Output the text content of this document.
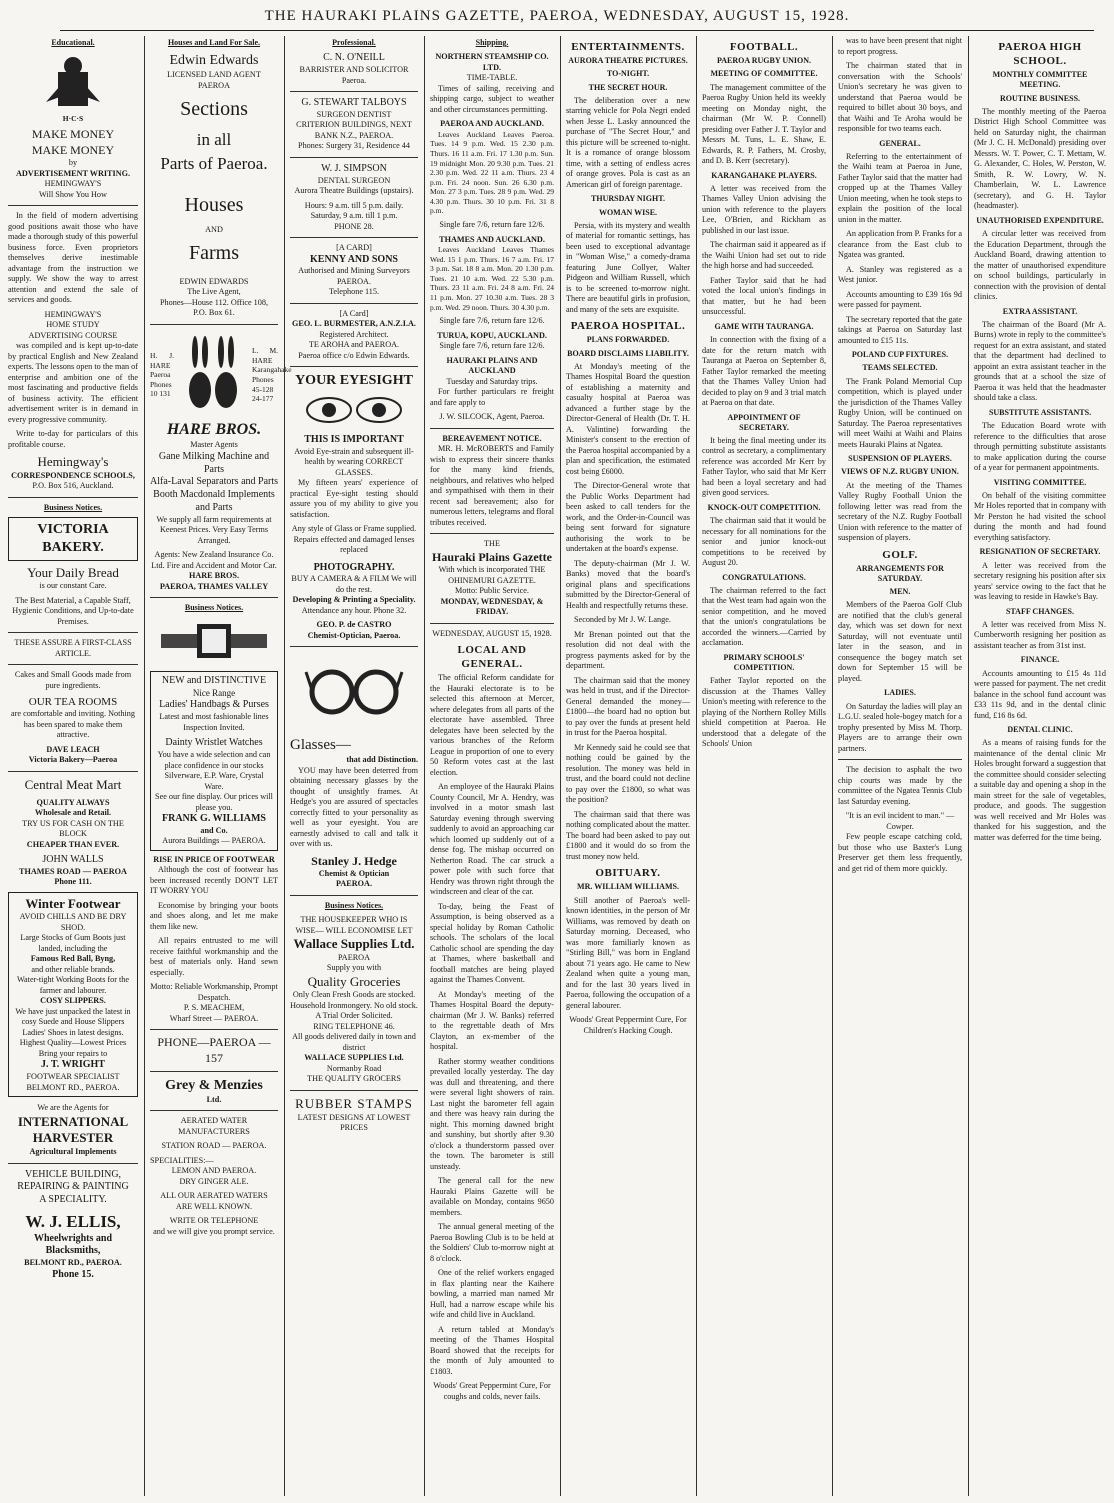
THE HAURAKI PLAINS GAZETTE, PAEROA, WEDNESDAY, AUGUST 15, 1928.
Educational.
H·C·S
MAKE MONEY
MAKE MONEY
by
ADVERTISEMENT WRITING.
HEMINGWAY'S
Will Show You How

In the field of modern advertising good positions await those who have made a thorough study of this powerful business force. Even proprietors themselves derive inestimable advantage from the instruction we supply. We show the way to arrest attention and extend the sale of services and goods.

HEMINGWAY'S
HOME STUDY
ADVERTISING COURSE

was compiled and is kept up-to-date by practical English and New Zealand experts. The lessons open to the man of enterprise and ambition one of the most fascinating and productive fields of business activity. The efficient advertisement writer is in demand in every progressive community.

Write to-day for particulars of this profitable course.

Hemingway's
CORRESPONDENCE SCHOOLS,
P.O. Box 516, Auckland.
Business Notices.
VICTORIA BAKERY.
Your Daily Bread
is our constant Care.
The Best Material, a Capable Staff, Hygienic Conditions, and Up-to-date Premises.
THESE ASSURE A FIRST-CLASS ARTICLE.
Cakes and Small Goods made from pure ingredients.
OUR TEA ROOMS
are comfortable and inviting. Nothing has been spared to make them attractive.
DAVE LEACH
Victoria Bakery—Paeroa
Central Meat Mart
QUALITY ALWAYS
Wholesale and Retail.
TRY US FOR CASH ON THE BLOCK
CHEAPER THAN EVER.
JOHN WALLS
THAMES ROAD — PAEROA
Phone 111.
Winter Footwear
AVOID CHILLS AND BE DRY SHOD.
Large Stocks of Gum Boots just landed, including the
Famous Red Ball, Byng,
and other reliable brands.
Water-tight Working Boots for the farmer and labourer.
COSY SLIPPERS.
We have just unpacked the latest in cosy Suede and House Slippers Ladies' Shoes in latest designs. Highest Quality—Lowest Prices
Bring your repairs to
J. T. WRIGHT
FOOTWEAR SPECIALIST
BELMONT RD., PAEROA.
We are the Agents for
INTERNATIONAL
HARVESTER
Agricultural Implements
VEHICLE BUILDING,
REPAIRING & PAINTING
A SPECIALITY.
W. J. ELLIS,
Wheelwrights and
Blacksmiths,
BELMONT RD., PAEROA.
Phone 15.
Houses and Land For Sale.
Edwin Edwards
LICENSED LAND AGENT
PAEROA
Sections
in all
Parts of Paeroa.
Houses
AND
Farms
EDWIN EDWARDS
The Live Agent,
Phones—House 112. Office 108,
P.O. Box 61.
H. J. HARE Paeroa Phones 10 131
L. M. HARE Karangahake Phones 45-128 24-177
HARE BROS.
Master Agents
Gane Milking Machine and Parts
Alfa-Laval Separators and Parts
Booth Macdonald Implements and Parts
We supply all farm requirements at Keenest Prices. Very Easy Terms Arranged.
Agents: New Zealand Insurance Co. Ltd. Fire and Accident and Motor Car.
HARE BROS.
PAEROA, THAMES VALLEY
Business Notices.
NEW and DISTINCTIVE
Nice Range
Ladies' Handbags & Purses
Latest and most fashionable lines Inspection Invited.
Dainty Wristlet Watches
You have a wide selection and can place confidence in our stocks
Silverware, E.P. Ware, Crystal Ware.
See our fine display. Our prices will please you.
FRANK G. WILLIAMS
and Co.
Aurora Buildings — PAEROA.
RISE IN PRICE OF FOOTWEAR

Although the cost of footwear has been increased recently DON'T LET IT WORRY YOU

Economise by bringing your boots and shoes along, and let me make them like new.

All repairs entrusted to me will receive faithful workmanship and the best of materials only. Hand sewn especially.

Motto: Reliable Workmanship, Prompt Despatch.
P. S. MEACHEM,
Wharf Street — PAEROA.
PHONE—PAEROA —157
Grey & Menzies
Ltd.
AERATED WATER
MANUFACTURERS
STATION ROAD — PAEROA.
SPECIALITIES:—
LEMON AND PAEROA.
DRY GINGER ALE.
ALL OUR AERATED WATERS
ARE WELL KNOWN.
WRITE OR TELEPHONE
and we will give you prompt service.
Professional.
C. N. O'NEILL
BARRISTER AND SOLICITOR
Paeroa.
G. STEWART TALBOYS
SURGEON DENTIST
CRITERION BUILDINGS, NEXT BANK N.Z., PAEROA.
Phones: Surgery 31, Residence 44
W. J. SIMPSON
DENTAL SURGEON
Aurora Theatre Buildings (upstairs).
Hours: 9 a.m. till 5 p.m. daily. Saturday, 9 a.m. till 1 p.m.
PHONE 28.
[A CARD]
KENNY AND SONS
Authorised and Mining Surveyors PAEROA.
Telephone 115.
[A Card]
GEO. L. BURMESTER, A.N.Z.I.A.
Registered Architect.
TE AROHA and PAEROA.
Paeroa office c/o Edwin Edwards.
YOUR EYESIGHT
THIS IS IMPORTANT
Avoid Eye-strain and subsequent ill-health by wearing CORRECT GLASSES.

My fifteen years' experience of practical Eye-sight testing should assure you of my ability to give you satisfaction.

Any style of Glass or Frame supplied.
Repairs effected and damaged lenses replaced
PHOTOGRAPHY.
BUY A CAMERA & A FILM We will do the rest.
Developing & Printing a Speciality.
Attendance any hour. Phone 32.
GEO. P. de CASTRO
Chemist-Optician, Paeroa.
Glasses—
that add Distinction.

YOU may have been deterred from obtaining necessary glasses by the thought of unsightly frames. At Hedge's you are assured of spectacles correctly fitted to your personality as well as your eyesight. You are earnestly advised to call and talk it over with us.

Stanley J. Hedge
Chemist & Optician
PAEROA.
Business Notices.
THE HOUSEKEEPER WHO IS WISE— WILL ECONOMISE LET
Wallace Supplies Ltd.
PAEROA
Supply you with
Quality Groceries
Only Clean Fresh Goods are stocked.
Household Ironmongery. No old stock.
A Trial Order Solicited.
RING TELEPHONE 46.
All goods delivered daily in town and district
WALLACE SUPPLIES Ltd.
Normanby Road
THE QUALITY GROCERS
RUBBER STAMPS
LATEST DESIGNS AT LOWEST PRICES
Shipping.
NORTHERN STEAMSHIP CO. LTD.
TIME-TABLE.

Times of sailing, receiving and shipping cargo, subject to weather and other circumstances permitting.

PAEROA AND AUCKLAND.

Leaves Auckland Leaves Paeroa. Tues. 14 9 p.m. Wed. 15 2.30 p.m. Thurs. 16 11 a.m. Fri. 17 1.30 p.m. Sun. 19 midnight Mon. 20 9.30 p.m. Tues. 21 2.30 p.m. Wed. 22 11 a.m. Thurs. 23 4 p.m. Fri. 24 noon. Sun. 26 6.30 p.m. Mon. 27 3 p.m. Tues. 28 9 p.m. Wed. 29 4.30 p.m. Thurs. 30 10 p.m. Fri. 31 8 p.m.

Single fare 7/6, return fare 12/6.
THAMES AND AUCKLAND.

Leaves Auckland Leaves Thames Wed. 15 1 p.m. Thurs. 16 7 a.m. Fri. 17 3 p.m. Sat. 18 8 a.m. Mon. 20 1.30 p.m. Tues. 21 10 a.m. Wed. 22 5.30 p.m. Thurs. 23 11 a.m. Fri. 24 8 a.m. Fri. 24 11 p.m. Mon. 27 10.30 a.m. Tues. 28 3 p.m. Wed. 29 noon. Thurs. 30 4.30 p.m.

Single fare 7/6, return fare 12/6.
TURUA, KOPU, AUCKLAND.
Single fare 7/6, return fare 12/6.
HAURAKI PLAINS AND AUCKLAND
Tuesday and Saturday trips.

For further particulars re freight and fare apply to

J. W. SILCOCK, Agent, Paeroa.
BEREAVEMENT NOTICE.

MR. H. McROBERTS and Family wish to express their sincere thanks for the many kind friends, neighbours, and relatives who helped and sympathised with them in their recent sad bereavement; also for numerous letters, telegrams and floral tributes received.

THE
Hauraki Plains Gazette
With which is incorporated THE OHINEMURI GAZETTE.
Motto: Public Service.
MONDAY, WEDNESDAY, & FRIDAY.
WEDNESDAY, AUGUST 15, 1928.
LOCAL AND GENERAL.

The official Reform candidate for the Hauraki electorate is to be selected this afternoon at Mercer, where delegates from all parts of the electorate have assembled. Three delegates have been selected by the various branches of the Reform League in proportion of one to every 50 Reform votes cast at the last election.

An employee of the Hauraki Plains County Council, Mr A. Hendry, was involved in a motor smash last Saturday evening through swerving suddenly to avoid an approaching car which loomed up suddenly out of a dense fog. The mishap occurred on Netherton Road. The car struck a power pole with such force that Hendry was thrown right through the windscreen and clear of the car.

To-day, being the Feast of Assumption, is being observed as a special holiday by Roman Catholic schools. The scholars of the local Catholic school are spending the day at Thames, where basketball and football matches are being played against the Thames Convent.

At Monday's meeting of the Thames Hospital Board the deputy-chairman (Mr J. W. Banks) referred to the regrettable death of Mrs Clayton, an ex-member of the hospital.

Rather stormy weather conditions prevailed locally yesterday. The day was dull and threatening, and there were several light showers of rain. Last night the barometer fell again and there was heavy rain during the night. This morning dawned bright and sunshiny, but shortly after 9.30 o'clock a thunderstorm passed over the town. The barometer is still unsteady.

The general call for the new Hauraki Plains Gazette will be available on Monday, contains 9650 members.

The annual general meeting of the Paeroa Bowling Club is to be held at the Soldiers' Club to-morrow night at 8 o'clock.

One of the relief workers engaged in flax planting near the Kaihere bowling, a married man named Mr Hull, had a narrow escape while his wife and child live in Auckland.

A return tabled at Monday's meeting of the Thames Hospital Board showed that the receipts for the month of July amounted to £1803.

Woods' Great Peppermint Cure, For coughs and colds, never fails.
ENTERTAINMENTS.
AURORA THEATRE PICTURES.
TO-NIGHT.
THE SECRET HOUR.

The deliberation over a new starring vehicle for Pola Negri ended when Jesse L. Lasky announced the purchase of "The Secret Hour," and this picture will be screened to-night. It is a romance of orange blossom time, with a setting of endless acres of orange groves. Pola is cast as an American girl of foreign parentage.

THURSDAY NIGHT.
WOMAN WISE.

Persia, with its mystery and wealth of material for romantic settings, has been used to exceptional advantage in "Woman Wise," a comedy-drama featuring June Collyer, Walter Pidgeon and William Russell, which is to be screened to-morrow night. There are beautiful girls in profusion, and many of the sets are exquisite.

PAEROA HOSPITAL.
PLANS FORWARDED.
BOARD DISCLAIMS LIABILITY.

At Monday's meeting of the Thames Hospital Board the question of establishing a maternity and casualty hospital at Paeroa was advanced a further stage by the Director-General of Health (Dr. T. H. A. Valintine) forwarding the Minister's consent to the erection of the Paeroa hospital accompanied by a plan and specification, the estimated cost being £6000.

The Director-General wrote that the Public Works Department had been asked to call tenders for the work, and the Order-in-Council was being sent forward for signature authorising the work to be undertaken at the board's expense.

The deputy-chairman (Mr J. W. Banks) moved that the board's original plans and specifications submitted by the Director-General of Health and respectfully returns these.

Seconded by Mr J. W. Lange.

Mr Brenan pointed out that the resolution did not deal with the progress payments asked for by the department.

The chairman said that the money was held in trust, and if the Director-General demanded the money—£1800—the board had no option but to pay over the funds at present held in trust for the Paeroa hospital.

Mr Kennedy said he could see that nothing could be gained by the resolution. The money was held in trust, and the board could not decline to pay over the £1800, so what was the position?

The chairman said that there was nothing complicated about the matter. The board had been asked to pay out £1800 and it would do so from the trust money now held.

OBITUARY.
MR. WILLIAM WILLIAMS.

Still another of Paeroa's well-known identities, in the person of Mr Williams, was removed by death on Saturday morning. Deceased, who was more familiarly known as "Stirling Bill," was born in England about 71 years ago. He came to New Zealand when quite a young man, and for the last 30 years lived in Paeroa, following the occupation of a general labourer.

Woods' Great Peppermint Cure, For Children's Hacking Cough.
FOOTBALL.
PAEROA RUGBY UNION.
MEETING OF COMMITTEE.

The management committee of the Paeroa Rugby Union held its weekly meeting on Monday night, the chairman (Mr W. P. Connell) presiding over Father J. T. Taylor and Messrs M. Tuns, L. E. Shaw, E. Edwards, R. P. Fathers, M. Crosby, and D. B. Kerr (secretary).

KARANGAHAKE PLAYERS.

A letter was received from the Thames Valley Union advising the union with reference to the players Lee, O'Brien, and Rickham as published in our last issue.

The chairman said it appeared as if the Waihi Union had set out to ride the high horse and had succeeded.

Father Taylor said that he had voted the local union's findings in that matter, but he had been unsuccessful.

GAME WITH TAURANGA.

In connection with the fixing of a date for the return match with Tauranga at Paeroa on September 8, Father Taylor remarked the meeting that the Thames Valley Union had decided to play on 9 and 3 trial match at Paeroa on that date.

APPOINTMENT OF SECRETARY.

It being the final meeting under its control as secretary, a complimentary reference was accorded Mr Kerr by Father Taylor, who said that Mr Kerr had been a loyal secretary and had given good services.

KNOCK-OUT COMPETITION.

The chairman said that it would be necessary for all nominations for the senior and junior knock-out competitions to be received by August 20.

CONGRATULATIONS.

The chairman referred to the fact that the West team had again won the senior competition, and he moved that the union's congratulations be accorded the winners.—Carried by acclamation.

PRIMARY SCHOOLS' COMPETITION.

Father Taylor reported on the discussion at the Thames Valley Union's meeting with reference to the playing of the Northern Rolley Mills shield competition at Paeroa. He understood that a delegate of the Schools' Union

was to have been present that night to report progress.

The chairman stated that in conversation with the Schools' Union's secretary he was given to understand that Paeroa would be required to billet about 30 boys, and that Waihi and Te Aroha would be responsible for two teams each.

GENERAL.

Referring to the entertainment of the Waihi team at Paeroa in June, Father Taylor said that the matter had cropped up at the Thames Valley Union meeting, when he took steps to explain the position of the local union in the matter.

An application from P. Franks for a clearance from the East club to Ngatea was granted.

A. Stanley was registered as a West junior.

Accounts amounting to £39 16s 9d were passed for payment.

The secretary reported that the gate takings at Paeroa on Saturday last amounted to £15 11s.

POLAND CUP FIXTURES.
TEAMS SELECTED.

The Frank Poland Memorial Cup competition, which is played under the jurisdiction of the Thames Valley Rugby Union, will be continued on Saturday. The Paeroa representatives will meet Waihi at Waihi and Plains meets Hauraki Plains at Ngatea.

SUSPENSION OF PLAYERS.
VIEWS OF N.Z. RUGBY UNION.

At the meeting of the Thames Valley Rugby Football Union the following letter was read from the secretary of the N.Z. Rugby Football Union with reference to the matter of suspension of players.

GOLF.
ARRANGEMENTS FOR SATURDAY.
MEN.

Members of the Paeroa Golf Club are notified that the club's general day, which was set down for next Saturday, will not eventuate until later in the season, and in consequence the bogey match set down for September 15 will be played.

LADIES.

On Saturday the ladies will play an L.G.U. sealed hole-bogey match for a trophy presented by Miss M. Thorp. Players are to arrange their own partners.

The decision to asphalt the two chip courts was made by the committee of the Ngatea Tennis Club last Saturday evening.

"It is an evil incident to man." —Cowper.

Few people escape catching cold, but those who use Baxter's Lung Preserver get them less frequently, and get rid of them more quickly.

PAEROA HIGH SCHOOL.
MONTHLY COMMITTEE MEETING.
ROUTINE BUSINESS.

The monthly meeting of the Paeroa District High School Committee was held on Saturday night, the chairman (Mr J. C. H. McDonald) presiding over Messrs. W. T. Power, C. T. Mettam, W. G. Alexander, C. Holes, W. Perston, W. Smith, R. W. Lowry, W. N. Chamberlain, W. L. Lawrence (secretary), and G. H. Taylor (headmaster).

UNAUTHORISED EXPENDITURE.

A circular letter was received from the Education Department, through the Auckland Board, drawing attention to the matter of unauthorised expenditure on school buildings, particularly in connection with the provision of dental clinics.

EXTRA ASSISTANT.

The chairman of the Board (Mr A. Burns) wrote in reply to the committee's request for an extra assistant, and stated that the department had declined to appoint an extra assistant teacher in the grounds that at a school the size of Paeroa it was held that the headmaster should take a class.

SUBSTITUTE ASSISTANTS.

The Education Board wrote with reference to the difficulties that arose through permitting substitute assistants to make application during the course of a year for permanent appointments.

VISITING COMMITTEE.

On behalf of the visiting committee Mr Holes reported that in company with Mr Perston he had visited the school during the month and had found everything satisfactory.

RESIGNATION OF SECRETARY.

A letter was received from the secretary resigning his position after six years' service owing to the fact that he was leaving to reside in Hawke's Bay.

STAFF CHANGES.

A letter was received from Miss N. Cumberworth resigning her position as assistant teacher as from 31st inst.

FINANCE.

Accounts amounting to £15 4s 11d were passed for payment. The net credit balance in the school fund account was £33 11s 9d, and in the dental clinic fund, £16 8s 6d.

DENTAL CLINIC.

As a means of raising funds for the maintenance of the dental clinic Mr Holes brought forward a suggestion that the committee should consider selecting a suitable day and opening a shop in the main street for the sale of vegetables, produce, and goods. The suggestion was well received and Mr Holes was thanked for his suggestion, and the matter was deferred for the time being.
